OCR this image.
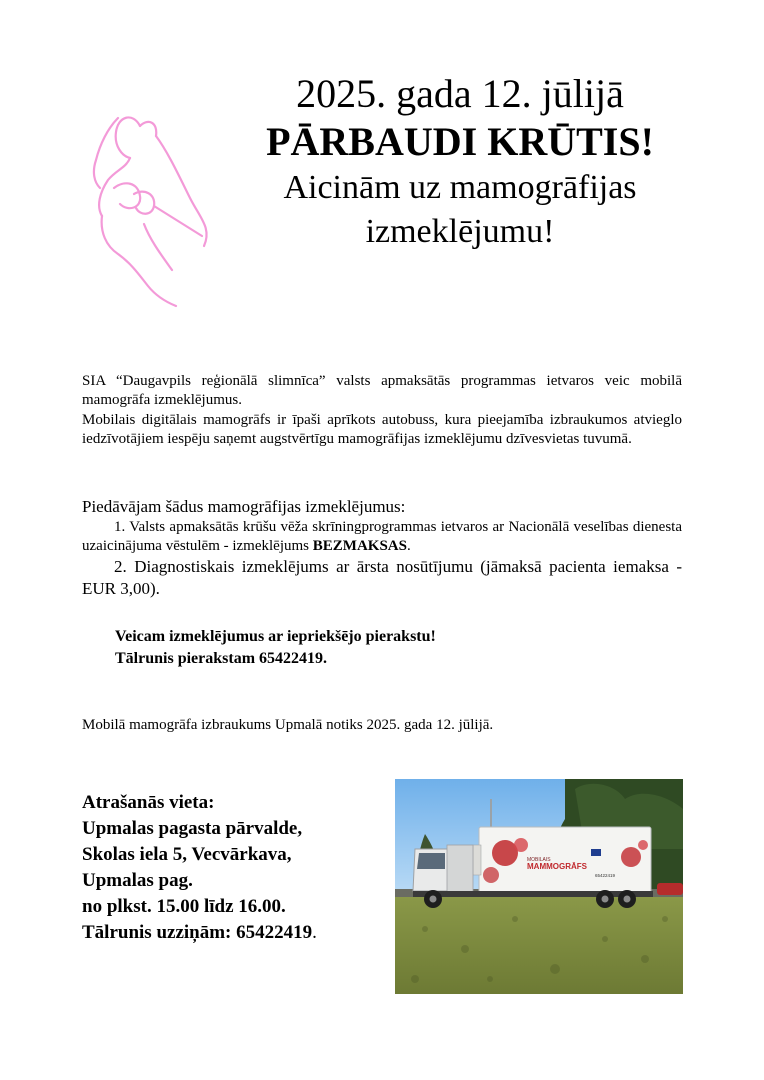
2025. gada 12. jūlijā

PĀRBAUDI KRŪTIS!

Aicinām uz mamogrāfijas

izmeklējumu!

SIA “Daugavpils reģionālā slimnīca” valsts apmaksātās programmas ietvaros veic mobilā mamogrāfa izmeklējumus.
Mobilais digitālais mamogrāfs ir īpaši aprīkots autobuss, kura pieejamība izbraukumos atvieglo iedzīvotājiem iespēju saņemt augstvērtīgu mamogrāfijas izmeklējumu dzīvesvietas tuvumā.

Piedāvājam šādus mamogrāfijas izmeklējumus:

1. Valsts apmaksātās krūšu vēža skrīningprogrammas ietvaros ar Nacionālā veselības dienesta uzaicinājuma vēstulēm - izmeklējums BEZMAKSAS.

2. Diagnostiskais izmeklējums ar ārsta nosūtījumu (jāmaksā pacienta iemaksa - EUR 3,00).

Veicam izmeklējumus ar iepriekšējo pierakstu!
Tālrunis pierakstam 65422419.
Mobilā mamogrāfa izbraukums Upmalā notiks 2025. gada 12. jūlijā.
Atrašanās vieta:
Upmalas pagasta pārvalde,
Skolas iela 5, Vecvārkava,
Upmalas pag.
no plkst. 15.00 līdz 16.00.
Tālrunis uzziņām: 65422419.
MOBILAIS
MAMMOGRĀFS
65422419
